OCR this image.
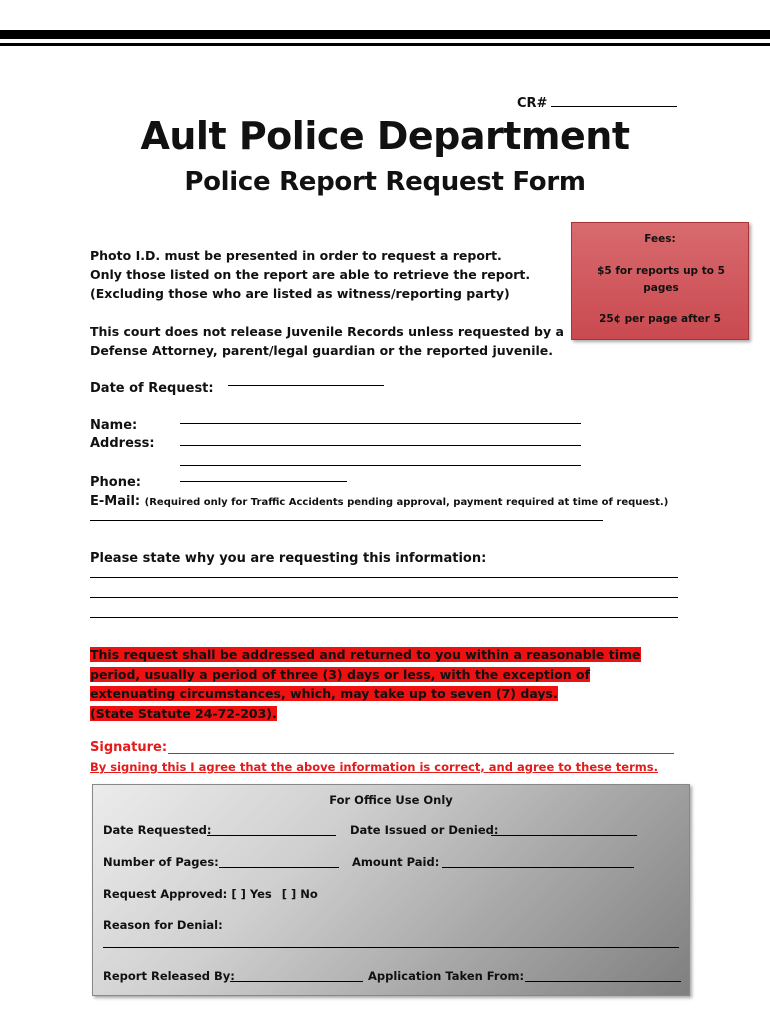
CR#
Ault Police Department
Police Report Request Form
Fees:
$5 for reports up to 5 pages
25¢ per page after 5
Photo I.D. must be presented in order to request a report.
Only those listed on the report are able to retrieve the report.
(Excluding those who are listed as witness/reporting party)
This court does not release Juvenile Records unless requested by a
Defense Attorney, parent/legal guardian or the reported juvenile.
Date of Request:
Name:
Address:
Phone:
E-Mail: (Required only for Traffic Accidents pending approval, payment required at time of request.)
Please state why you are requesting this information:
This request shall be addressed and returned to you within a reasonable time
period, usually a period of three (3) days or less, with the exception of
extenuating circumstances, which, may take up to seven (7) days.
(State Statute 24-72-203).
Signature:
By signing this I agree that the above information is correct, and agree to these terms.
For Office Use Only
Date Requested:	Date Issued or Denied:
Number of Pages:	Amount Paid:
Request Approved: [ ] Yes [ ] No
Reason for Denial:
Report Released By:	Application Taken From:
